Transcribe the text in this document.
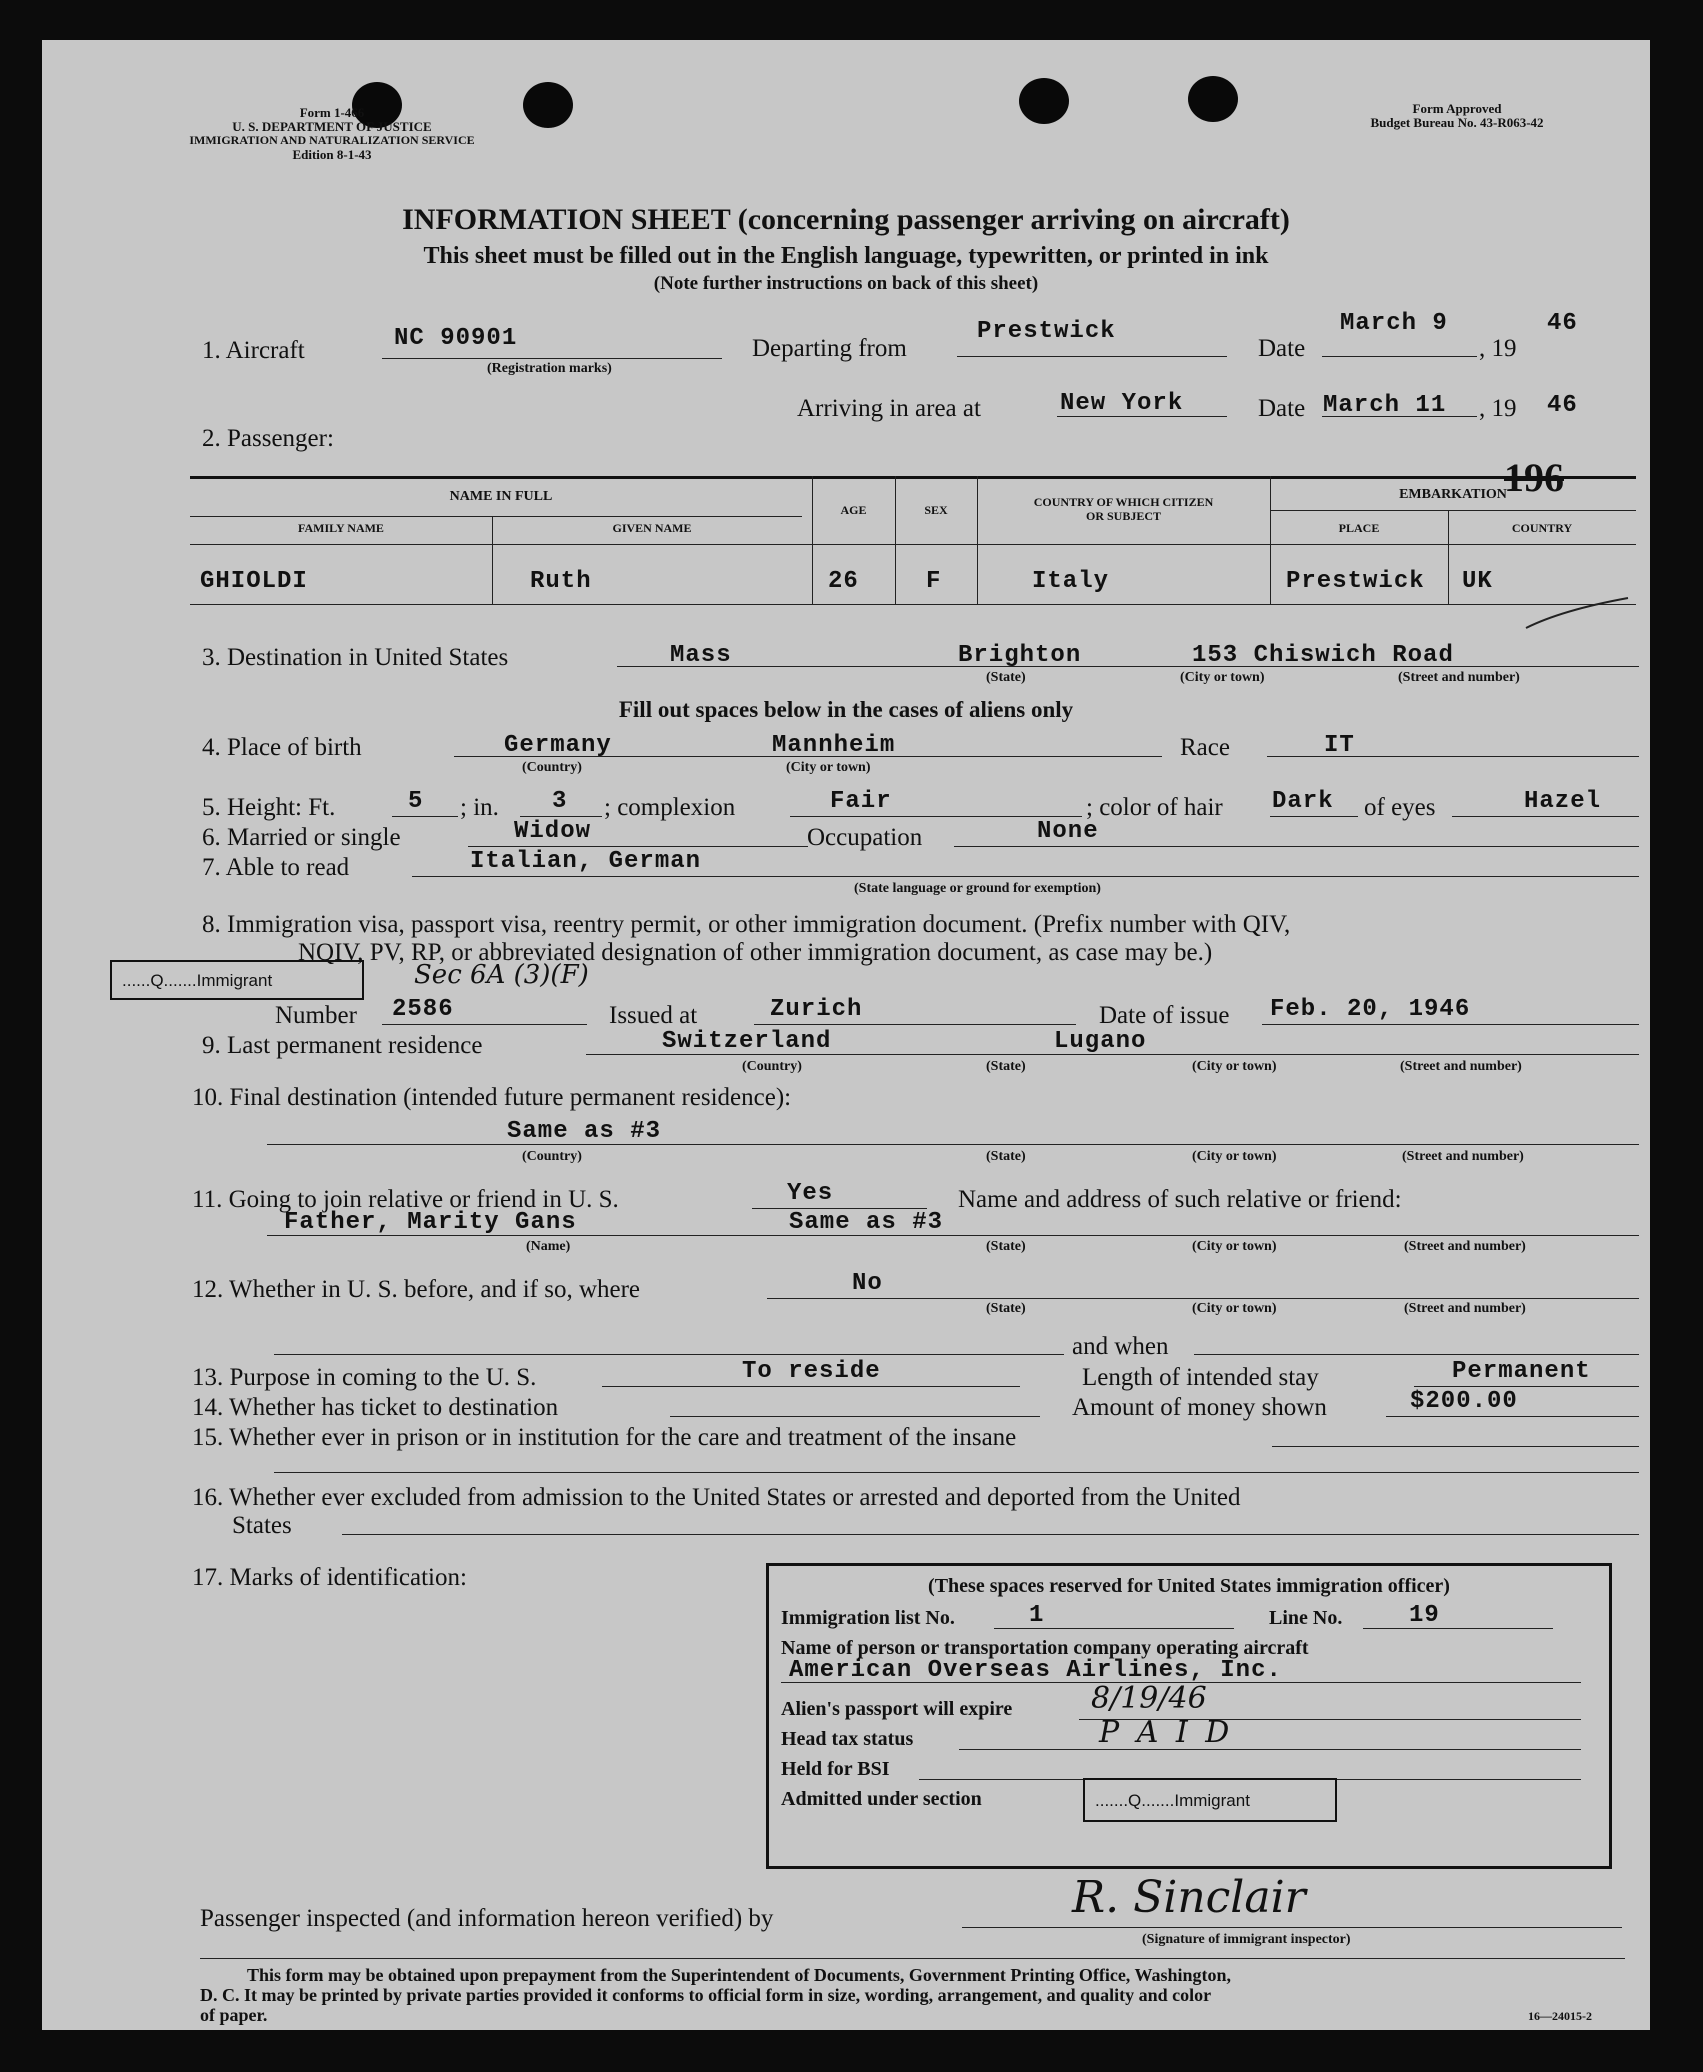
Form 1-466
U. S. DEPARTMENT OF JUSTICE
IMMIGRATION AND NATURALIZATION SERVICE
Edition 8-1-43
Form Approved
Budget Bureau No. 43-R063-42
INFORMATION SHEET (concerning passenger arriving on aircraft)
This sheet must be filled out in the English language, typewritten, or printed in ink
(Note further instructions on back of this sheet)
1. Aircraft	NC 90901
(Registration marks)
Departing from
Prestwick
Date
March 9
, 19
46
Arriving in area at	New York	Date March 11 , 19 46
2. Passenger:
196
NAME IN FULL
FAMILY NAME	GIVEN NAME
AGE	SEX
COUNTRY OF WHICH CITIZEN
OR SUBJECT
EMBARKATION
PLACE	COUNTRY
GHIOLDI	Ruth	26	F	Italy	Prestwick UK
3. Destination in United States	Mass	Brighton	153 Chiswich Road
(State)	(City or town)	(Street and number)
Fill out spaces below in the cases of aliens only
4. Place of birth	Germany	Mannheim
(Country)	(City or town)
Race	IT
5. Height: Ft.	5 ; in. 3 ; complexion	Fair	; color of hair Dark of eyes	Hazel
6. Married or single	Widow	Occupation	None
7. Able to read	Italian, German
(State language or ground for exemption)
8. Immigration visa, passport visa, reentry permit, or other immigration document. (Prefix number with QIV,
NQIV, PV, RP, or abbreviated designation of other immigration document, as case may be.)
......Q.......Immigrant	Sec 6A (3)(F)
Number 2586	Issued at	Zurich	Date of issue Feb. 20, 1946
9. Last permanent residence	Switzerland	Lugano
(Country)	(State)	(City or town)	(Street and number)
10. Final destination (intended future permanent residence):
Same as #3
(Country)	(State)	(City or town)	(Street and number)
11. Going to join relative or friend in U. S.	Yes	Name and address of such relative or friend:
Father, Marity Gans	Same as #3
(Name)	(State)	(City or town)	(Street and number)
12. Whether in U. S. before, and if so, where	No
(State)	(City or town)	(Street and number)
and when
13. Purpose in coming to the U. S.	To reside	Length of intended stay	Permanent
14. Whether has ticket to destination	Amount of money shown	$200.00
15. Whether ever in prison or in institution for the care and treatment of the insane
16. Whether ever excluded from admission to the United States or arrested and deported from the United
States
17. Marks of identification:	(These spaces reserved for United States immigration officer)
Immigration list No.	1	Line No.	19
Name of person or transportation company operating aircraft
American Overseas Airlines, Inc.
Alien's passport will expire	8/19/46
Head tax status	P A I D
Held for BSI
Admitted under section	.......Q.......Immigrant
Passenger inspected (and information hereon verified) by	R. Sinclair
(Signature of immigrant inspector)
This form may be obtained upon prepayment from the Superintendent of Documents, Government Printing Office, Washington,
D. C. It may be printed by private parties provided it conforms to official form in size, wording, arrangement, and quality and color
of paper.	16—24015-2
